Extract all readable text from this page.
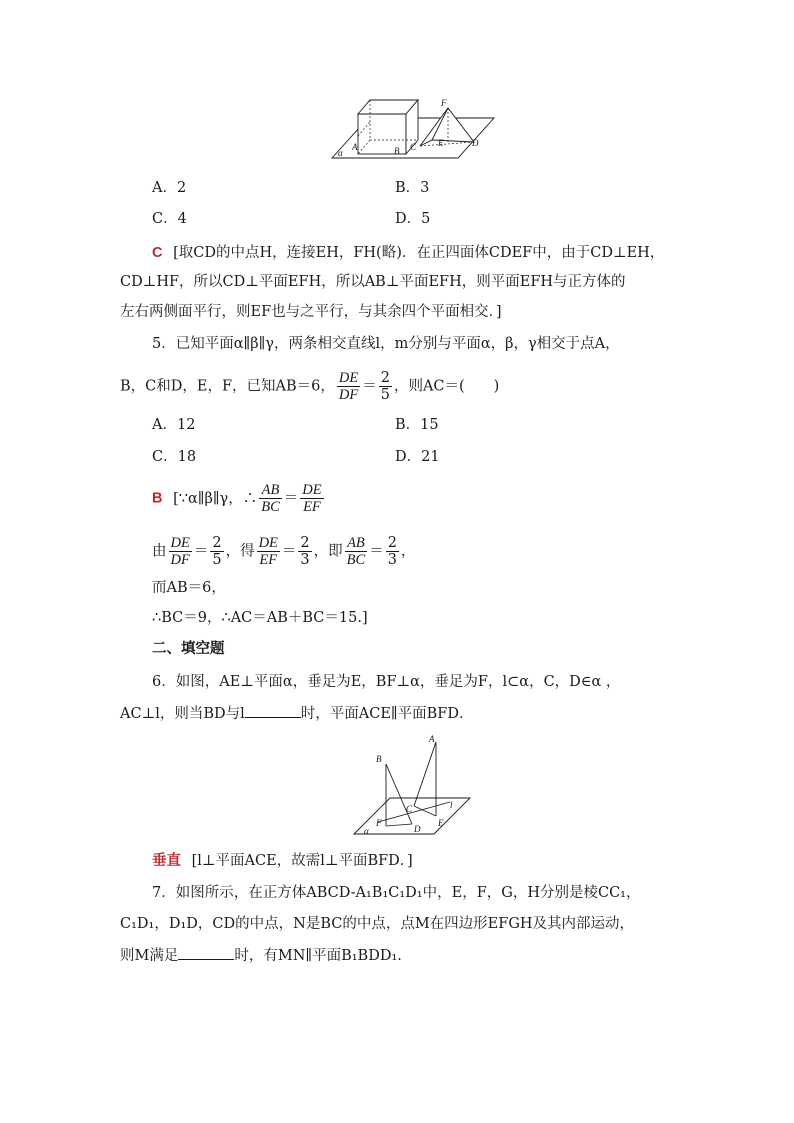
α
A	B C E
F
D
A．2	B．3
C．4	D．5
C [取CD的中点H，连接EH，FH(略)．在正四面体CDEF中，由于CD⊥EH，
CD⊥HF，所以CD⊥平面EFH，所以AB⊥平面EFH，则平面EFH与正方体的
左右两侧面平行，则EF也与之平行，与其余四个平面相交．]
5．已知平面α∥β∥γ，两条相交直线l，m分别与平面α，β，γ相交于点A，
B，C和D，E，F，已知AB＝6， $\frac{DE}{DF} = \frac{2}{5}$ ，则AC＝(　　)
A．12	B．15
C．18	D．21
B [∵α∥β∥γ，∴ $\frac{AB}{BC} = \frac{DE}{EF}$
由 $\frac{DE}{DF} = \frac{2}{5}$ ，得 $\frac{DE}{EF} = \frac{2}{3}$ ，即 $\frac{AB}{BC} = \frac{2}{3}$ ，
而AB＝6，
∴BC＝9，∴AC＝AB＋BC＝15.]
二、填空题
6．如图，AE⊥平面α，垂足为E，BF⊥α，垂足为F，l⊂α，C，D∈α ，
AC⊥l，则当BD与l	时，平面ACE∥平面BFD．
A
B
C	l
F
D
E
α
垂直 [l⊥平面ACE，故需l⊥平面BFD．]
7．如图所示，在正方体ABCD-A₁B₁C₁D₁中，E，F，G，H分别是棱CC₁，
C₁D₁，D₁D，CD的中点，N是BC的中点，点M在四边形EFGH及其内部运动，
则M满足	时，有MN∥平面B₁BDD₁.
